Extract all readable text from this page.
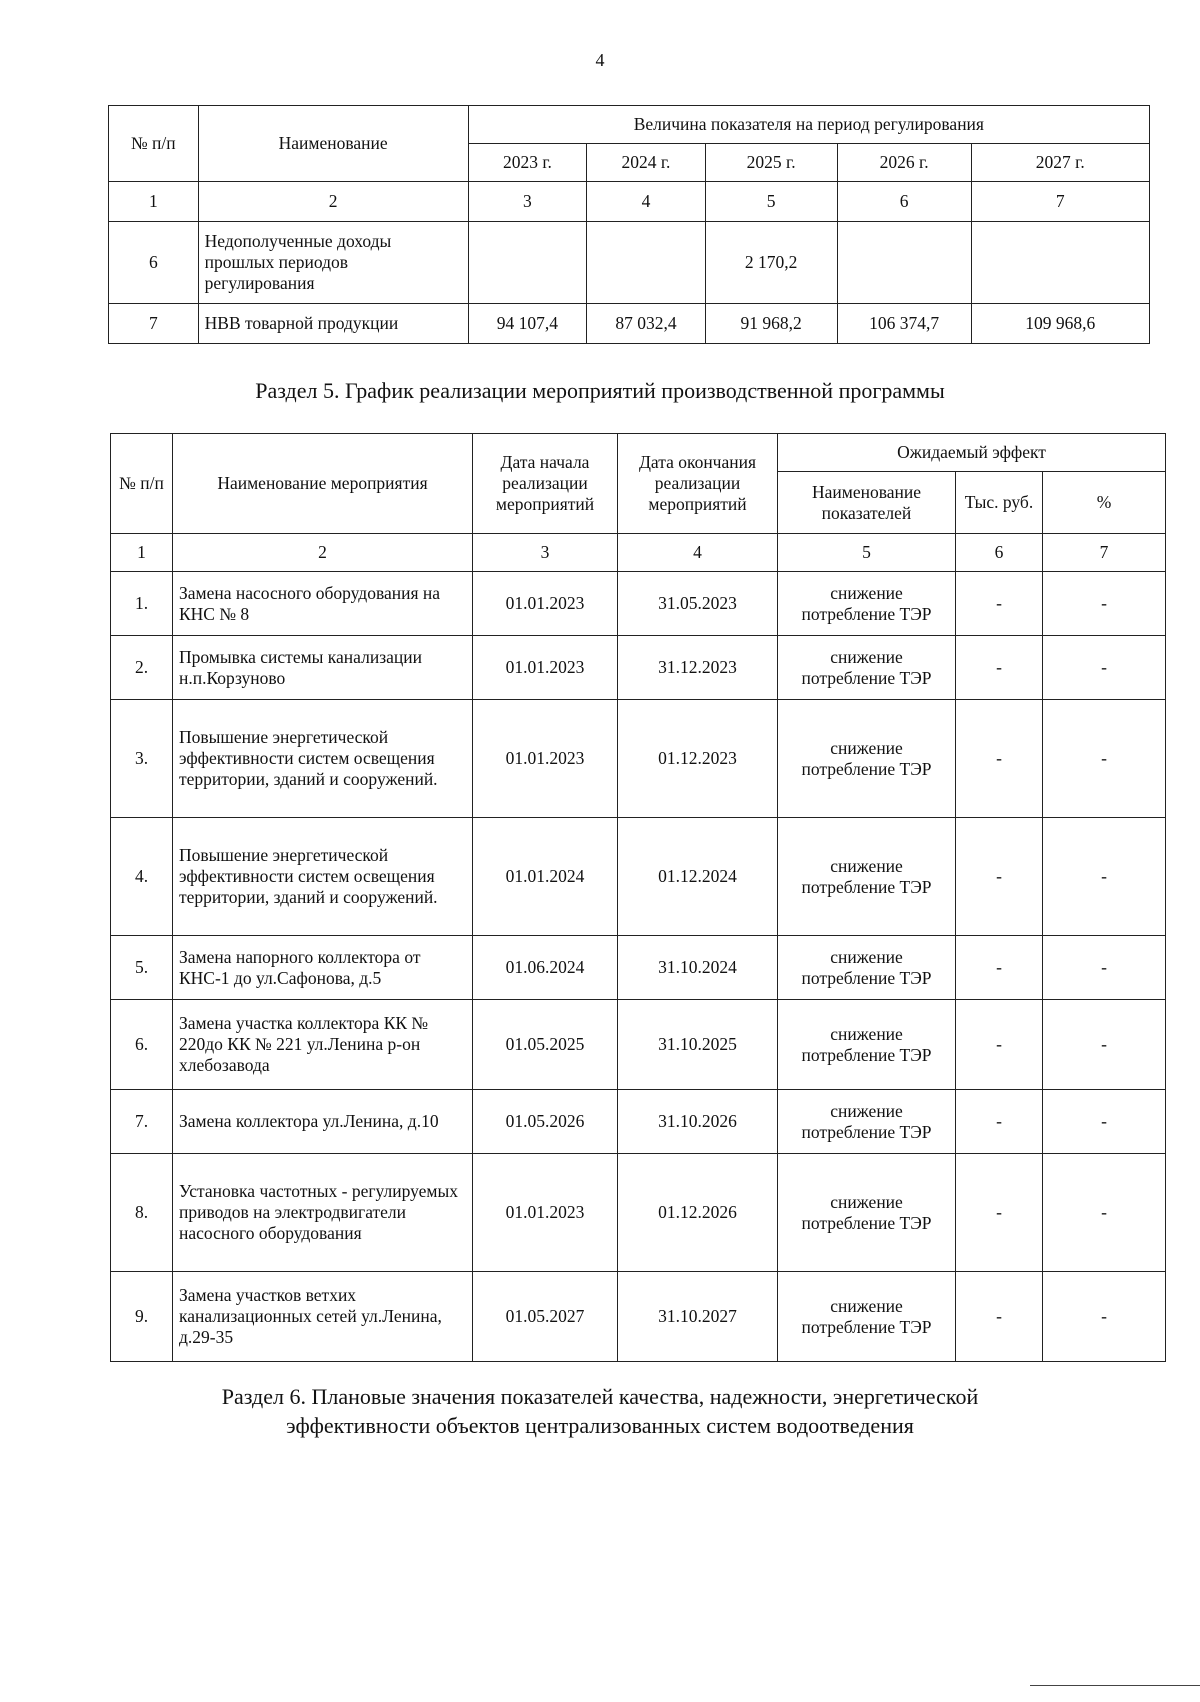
4
№ п/п	Наименование	Величина показателя на период регулирования				
		2023 г.	2024 г.	2025 г.	2026 г.	2027 г.
1	2	3	4	5	6	7
6	Недополученные доходы прошлых периодов регулирования			2 170,2		
7	НВВ товарной продукции	94 107,4	87 032,4	91 968,2	106 374,7	109 968,6
Раздел 5. График реализации мероприятий производственной программы
№ п/п	Наименование мероприятия	Дата начала реализации мероприятий	Дата окончания реализации мероприятий	Ожидаемый эффект		
				Наименование показателей	Тыс. руб.	%
1	2	3	4	5	6	7
1.	Замена насосного оборудования на КНС № 8	01.01.2023	31.05.2023	снижение потребление ТЭР	-	-
2.	Промывка системы канализации н.п.Корзуново	01.01.2023	31.12.2023	снижение потребление ТЭР	-	-
3.	Повышение энергетической эффективности систем освещения территории, зданий и сооружений.	01.01.2023	01.12.2023	снижение потребление ТЭР	-	-
4.	Повышение энергетической эффективности систем освещения территории, зданий и сооружений.	01.01.2024	01.12.2024	снижение потребление ТЭР	-	-
5.	Замена напорного коллектора от КНС-1 до ул.Сафонова, д.5	01.06.2024	31.10.2024	снижение потребление ТЭР	-	-
6.	Замена участка коллектора КК № 220до КК № 221 ул.Ленина р-он хлебозавода	01.05.2025	31.10.2025	снижение потребление ТЭР	-	-
7.	Замена коллектора ул.Ленина, д.10	01.05.2026	31.10.2026	снижение потребление ТЭР	-	-
8.	Установка частотных - регулируемых приводов на электродвигатели насосного оборудования	01.01.2023	01.12.2026	снижение потребление ТЭР	-	-
9.	Замена участков ветхих канализационных сетей ул.Ленина, д.29-35	01.05.2027	31.10.2027	снижение потребление ТЭР	-	-
Раздел 6. Плановые значения показателей качества, надежности, энергетической
эффективности объектов централизованных систем водоотведения
